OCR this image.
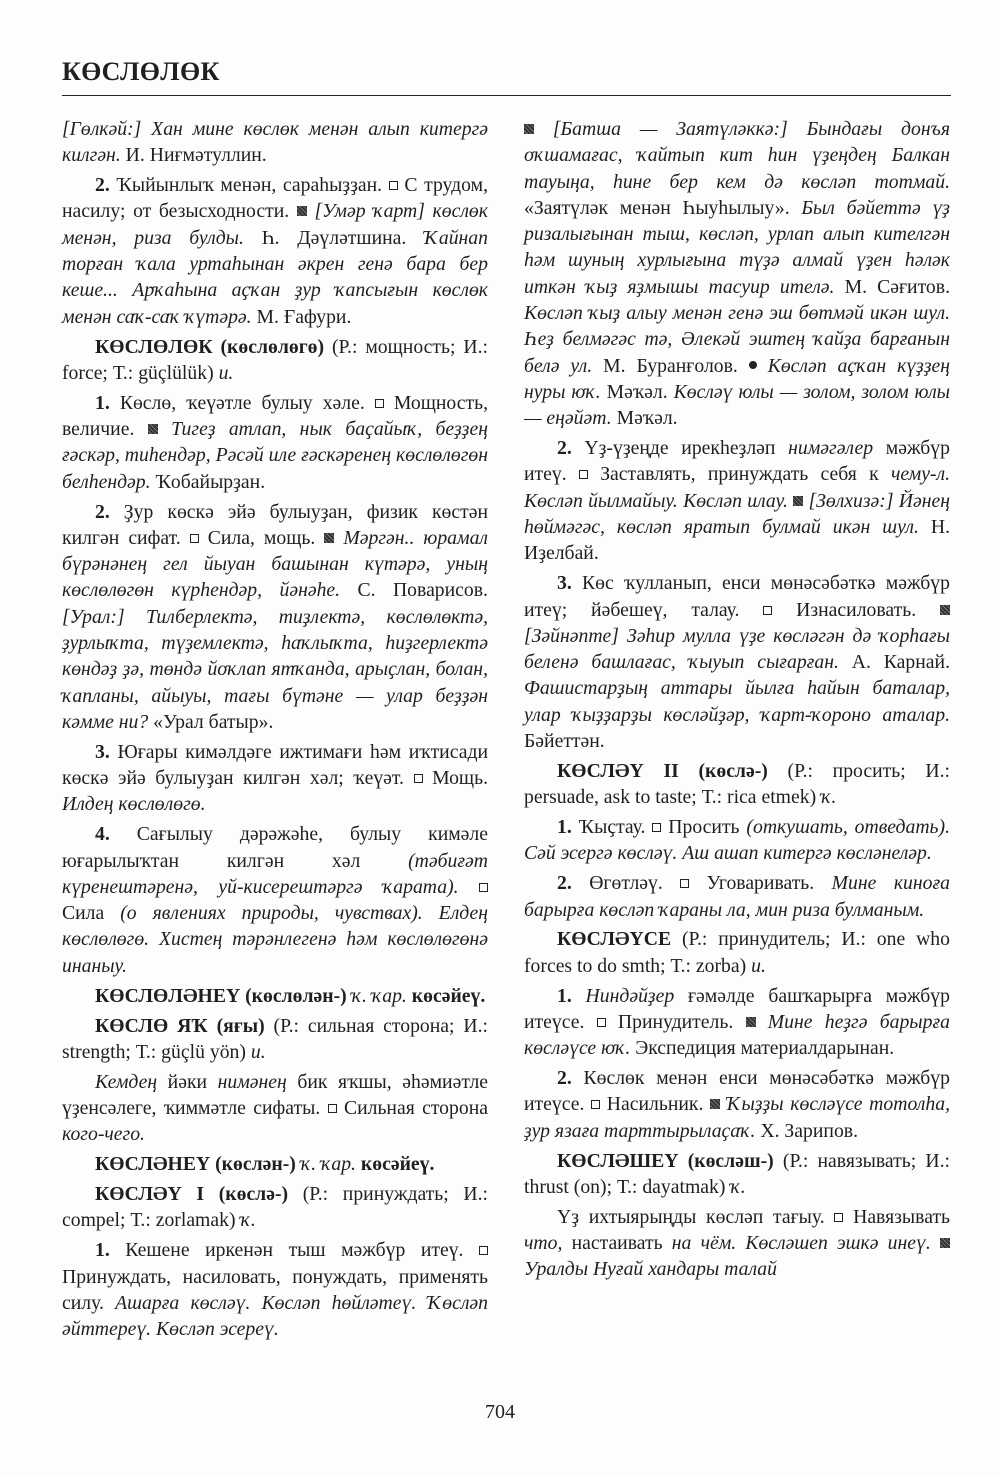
КӨСЛӨЛӨК

[Гөлкәй:] Хан мине көслөк менән алып китергә килгән. И. Ниғмәтуллин.

2. Ҡыйынлыҡ менән, сараһыҙҙан.  С трудом, насилу; от безысходности.  [Умәр ҡарт] көслөк менән, риза булды. Һ. Дәүләтшина. Ҡайнап торған ҡала уртаһынан әкрен генә бара бер кеше... Арҡаһына аҫҡан ҙур ҡапсығын көслөк менән саҡ-саҡ ҡүтәрә. М. Ғафури.

КӨСЛӨЛӨК (көслөлөгө) (Р.: мощность; И.: force; Т.: güçlülük) и.

1. Көслө, ҡеүәтле булыу хәле.  Мощность, величие.  Тигеҙ атлап, нык баҫайыҡ, беҙҙең ғәскәр, тиһендәр, Рәсәй иле ғәскәренең көслөлөгөн белһендәр. Ҡобайырҙан.

2. Ҙур көскә эйә булыуҙан, физик көстән килгән сифат.  Сила, мощь.  Мәргән.. юрамал бүрәнәнең гел йыуан башынан күтәрә, уның көслөлөгөн күрһендәр, йәнәһе. С. Поварисов. [Урал:] Тилберлектә, тиҙлектә, көслөлөктә, ҙурлыҡта, түҙемлектә, һаҡлыҡта, һиҙгерлектә көндәҙ ҙә, төндә йоҡлап ятҡанда, арыҫлан, болан, ҡапланы, айыуы, тағы бүтәне — улар беҙҙән кәмме ни? «Урал батыр».

3. Юғары кимәлдәге ижтимағи һәм иҡтисади көскә эйә булыуҙан килгән хәл; ҡеүәт.  Мощь. Илдең көслөлөгө.

4. Сағылыу дәрәжәһе, булыу кимәле юғарылыҡтан килгән хәл (тәбиғәт күренештәренә, уй-кисерештәргә ҡарата).  Сила (о явлениях природы, чувствах). Елдең көслөлөгө. Хистең тәрәнлегенә һәм көслөлөгөнә инаныу.

КӨСЛӨЛӘНЕҮ (көслөлән-) ҡ. ҡар. көсәйеү.

КӨСЛӨ ЯҠ (яғы) (Р.: сильная сторона; И.: strength; Т.: güçlü yön) и.

Кемдең йәки нимәнең бик яҡшы, әһәмиәтле үҙенсәлеге, ҡиммәтле сифаты.  Сильная сторона кого-чего.

КӨСЛӘНЕҮ (көслән-) ҡ. ҡар. көсәйеү.

КӨСЛӘҮ I (көслә-) (Р.: принуждать; И.: compel; Т.: zorlamak) ҡ.

1. Кешене иркенән тыш мәжбүр итеү.  Принуждать, насиловать, понуждать, применять силу. Ашарға көсләү. Көсләп һөйләтеү. Ҡөсләп әйттереү. Көсләп эсереү.

[Батша — Заятүләккә:] Бындағы донъя оҡшамағас, ҡайтып кит һин үҙеңдең Балкан тауыңа, һине бер кем дә көсләп тотмай. «Заятүләк менән Һыуһылыу». Был бәйеттә үҙ ризалығынан тыш, көсләп, урлап алып кителгән һәм шуның хурлығына түҙә алмай үҙен һәләк иткән ҡыҙ яҙмышы тасуир ителә. М. Сәғитов. Көсләп ҡыҙ алыу менән генә эш бөтмәй икән шул. Һеҙ белмәгәс тә, Әлекәй эштең ҡайҙа барғанын белә ул. М. Буранғолов.  Көсләп аҫҡан күҙҙең нуры юҡ. Мәҡәл. Көсләү юлы — золом, золом юлы — еңәйәт. Мәҡәл.

2. Үҙ-үҙеңде ирекһеҙләп нимәгәлер мәжбүр итеү.  Заставлять, принуждать себя к чему-л. Көсләп йылмайыу. Көсләп илау.  [Зөлхизә:] Йәнең һөймәгәс, көсләп яратып булмай икән шул. Н. Иҙелбай.

3. Көс ҡулланып, енси мөнәсәбәткә мәжбүр итеү; йәбешеү, талау.  Изнасиловать.  [Зәйнәпте] Зәһир мулла үҙе көсләгән дә ҡорһағы беленә башлағас, ҡыуып сығарған. А. Карнай. Фашистарҙың аттары йылға һайын баталар, улар ҡыҙҙарҙы көсләйҙәр, ҡарт-ҡороно аталар. Бәйеттән.

КӨСЛӘҮ II (көслә-) (Р.: просить; И.: persuade, ask to taste; Т.: rica etmek) ҡ.

1. Ҡыҫтау.  Просить (откушать, отведать). Сәй эсергә көсләү. Аш ашап китергә көсләнеләр.

2. Өгөтләү.  Уговаривать. Мине киноға барырға көсләп ҡараны ла, мин риза булманым.

КӨСЛӘҮСЕ (Р.: принудитель; И.: one who forces to do smth; Т.: zorba) и.

1. Ниндәйҙер ғәмәлде башҡарырға мәжбүр итеүсе.  Принудитель.  Мине һеҙгә барырға көсләүсе юҡ. Экспедиция материалдарынан.

2. Көслөк менән енси мөнәсәбәткә мәжбүр итеүсе.  Насильник.  Ҡыҙҙы көсләүсе тотолһа, ҙур язаға тарттырылаҫаҡ. Х. Зарипов.

КӨСЛӘШЕҮ (көсләш-) (Р.: навязывать; И.: thrust (on); Т.: dayatmak) ҡ.

Үҙ ихтыярыңды көсләп тағыу.  Навязывать что, настаивать на чём. Көсләшеп эшкә инеү.  Уралды Нуғай хандары талай

704
